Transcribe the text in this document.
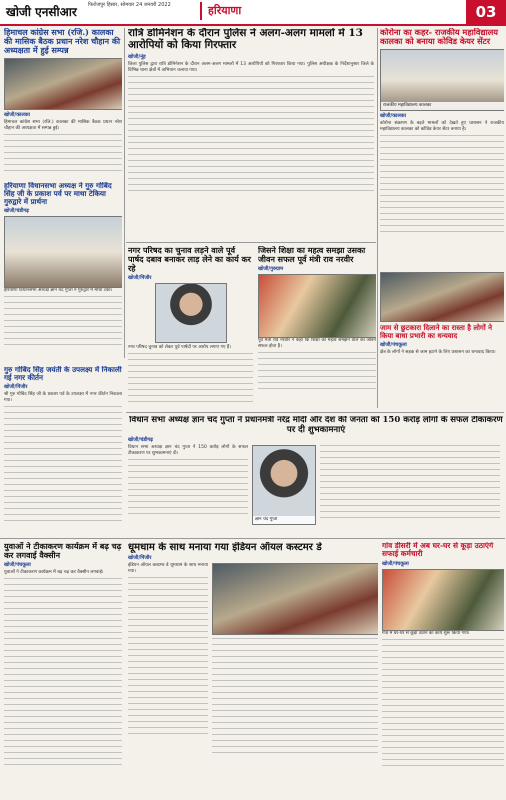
खोजी एनसीआर फिरोजपुर हिसार, सोमवार 24 जनवरी 2022	हरियाणा	03

हिमाचल कांग्रेस सभा (रजि.) कालका की मासिक बैठक प्रधान नरेश चौहान की अध्यक्षता में हुई सम्पन्न

खोजी/कालका
हिमाचल कांग्रेस सभा (रजि.) कालका की मासिक बैठक प्रधान नरेश चौहान की अध्यक्षता में सम्पन्न हुई।

हरियाणा विधानसभा अध्यक्ष ने गुरु गोबिंद सिंह जी के प्रकाश पर्व पर माथा टेकिया गुरुद्वारे में प्रार्थना

खोजी/चंडीगढ़
हरियाणा विधानसभा अध्यक्ष ज्ञान चंद गुप्ता ने गुरुद्वारे में माथा टेका।

गुरु गोबिंद सिंह जयंती के उपलक्ष्य में निकाली गई नगर कीर्तन

खोजी/पिंजौर
श्री गुरु गोबिंद सिंह जी के प्रकाश पर्व के उपलक्ष्य में नगर कीर्तन निकाला गया।

रात्रि डोमिनेशन के दौरान पुलिस ने अलग-अलग मामलों में 13 आरोपियों को किया गिरफ्तार

खोजी/नूंह
जिला पुलिस द्वारा रात्रि डोमिनेशन के दौरान अलग-अलग मामलों में 13 आरोपियों को गिरफ्तार किया गया। पुलिस अधीक्षक के निर्देशानुसार जिले के विभिन्न थाना क्षेत्रों में अभियान चलाया गया।

कोरोना का कहर- राजकीय महाविद्यालय कालका को बनाया कोविड केयर सेंटर

राजकीय महाविद्यालय कालका
खोजी/कालका
कोरोना संक्रमण के बढ़ते मामलों को देखते हुए प्रशासन ने राजकीय महाविद्यालय कालका को कोविड केयर सेंटर बनाया है।

नगर परिषद का चुनाव लड़ने वाले पूर्व पार्षद दबाव बनाकर लाड़ लेने का कार्य कर रहे

खोजी/पिंजौर
नगर परिषद चुनाव को लेकर पूर्व पार्षदों पर आरोप लगाए गए हैं।

जिसने शिक्षा का महत्व समझा उसका जीवन सफल पूर्व मंत्री राव नरवीर

खोजी/गुरुग्राम
पूर्व मंत्री राव नरवीर ने कहा कि शिक्षा का महत्व समझने वाले का जीवन सफल होता है।

जाम से छुटकारा दिलाने का रास्ता है लोगों ने किया बाधा प्रभारी का धन्यवाद

खोजी/पंचकूला
क्षेत्र के लोगों ने सड़क से जाम हटाने के लिए प्रशासन का धन्यवाद किया।

विधान सभा अध्यक्ष ज्ञान चंद गुप्ता ने प्रधानमंत्री नरेंद्र मोदी और देश की जनता को 150 करोड़ लोगों के सफल टीकाकरण पर दी शुभकामनाएं

खोजी/चंडीगढ़
विधान सभा अध्यक्ष ज्ञान चंद गुप्ता ने 150 करोड़ लोगों के सफल टीकाकरण पर शुभकामनाएं दी।
ज्ञान चंद गुप्ता

युवाओं ने टीकाकरण कार्यक्रम में बढ़ चढ़ कर लगवाई वैक्सीन

खोजी/पंचकूला
युवाओं ने टीकाकरण कार्यक्रम में बढ़ चढ़ कर वैक्सीन लगवाई।

धूमधाम के साथ मनाया गया इंडियन ऑयल कस्टमर डे

खोजी/पिंजौर
इंडियन ऑयल कस्टमर डे धूमधाम के साथ मनाया गया।

गांव डीसरी में अब घर-घर से कूड़ा उठाएंगे सफाई कर्मचारी

खोजी/पंचकूला
गांव में घर-घर से कूड़ा उठाने का कार्य शुरू किया गया।
